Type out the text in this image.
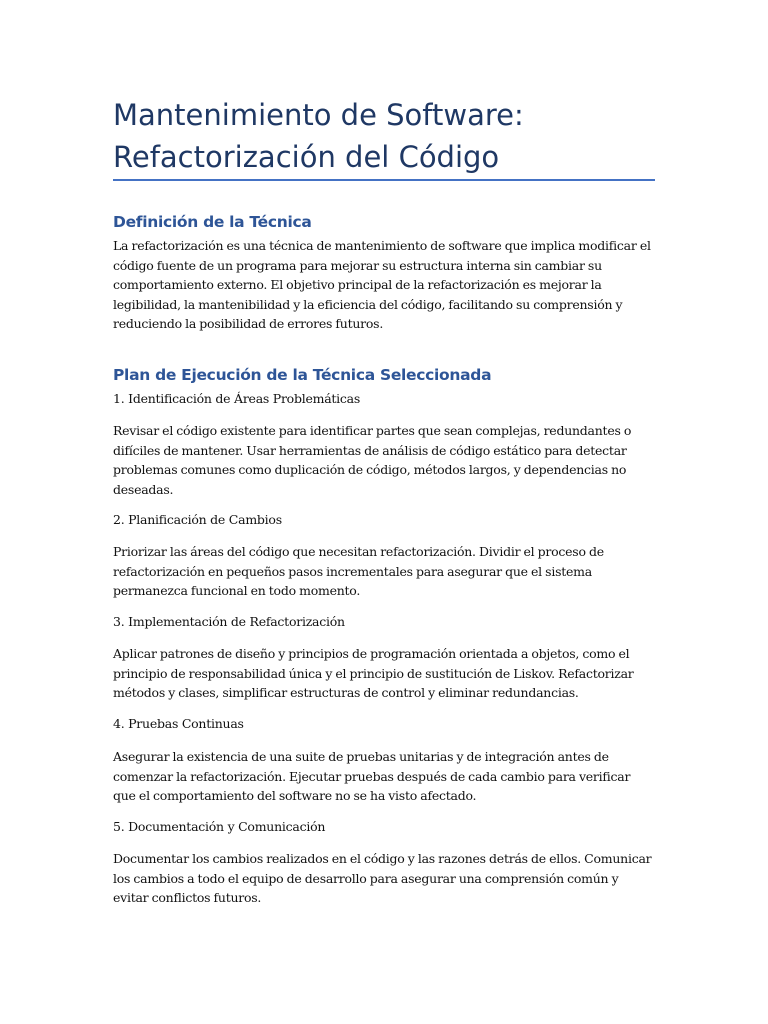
Mantenimiento de Software: Refactorización del Código
Definición de la Técnica

La refactorización es una técnica de mantenimiento de software que implica modificar el código fuente de un programa para mejorar su estructura interna sin cambiar su comportamiento externo. El objetivo principal de la refactorización es mejorar la legibilidad, la mantenibilidad y la eficiencia del código, facilitando su comprensión y reduciendo la posibilidad de errores futuros.

Plan de Ejecución de la Técnica Seleccionada

1. Identificación de Áreas Problemáticas

Revisar el código existente para identificar partes que sean complejas, redundantes o difíciles de mantener. Usar herramientas de análisis de código estático para detectar problemas comunes como duplicación de código, métodos largos, y dependencias no deseadas.

2. Planificación de Cambios

Priorizar las áreas del código que necesitan refactorización. Dividir el proceso de refactorización en pequeños pasos incrementales para asegurar que el sistema permanezca funcional en todo momento.

3. Implementación de Refactorización

Aplicar patrones de diseño y principios de programación orientada a objetos, como el principio de responsabilidad única y el principio de sustitución de Liskov. Refactorizar métodos y clases, simplificar estructuras de control y eliminar redundancias.

4. Pruebas Continuas

Asegurar la existencia de una suite de pruebas unitarias y de integración antes de comenzar la refactorización. Ejecutar pruebas después de cada cambio para verificar que el comportamiento del software no se ha visto afectado.

5. Documentación y Comunicación

Documentar los cambios realizados en el código y las razones detrás de ellos. Comunicar los cambios a todo el equipo de desarrollo para asegurar una comprensión común y evitar conflictos futuros.
